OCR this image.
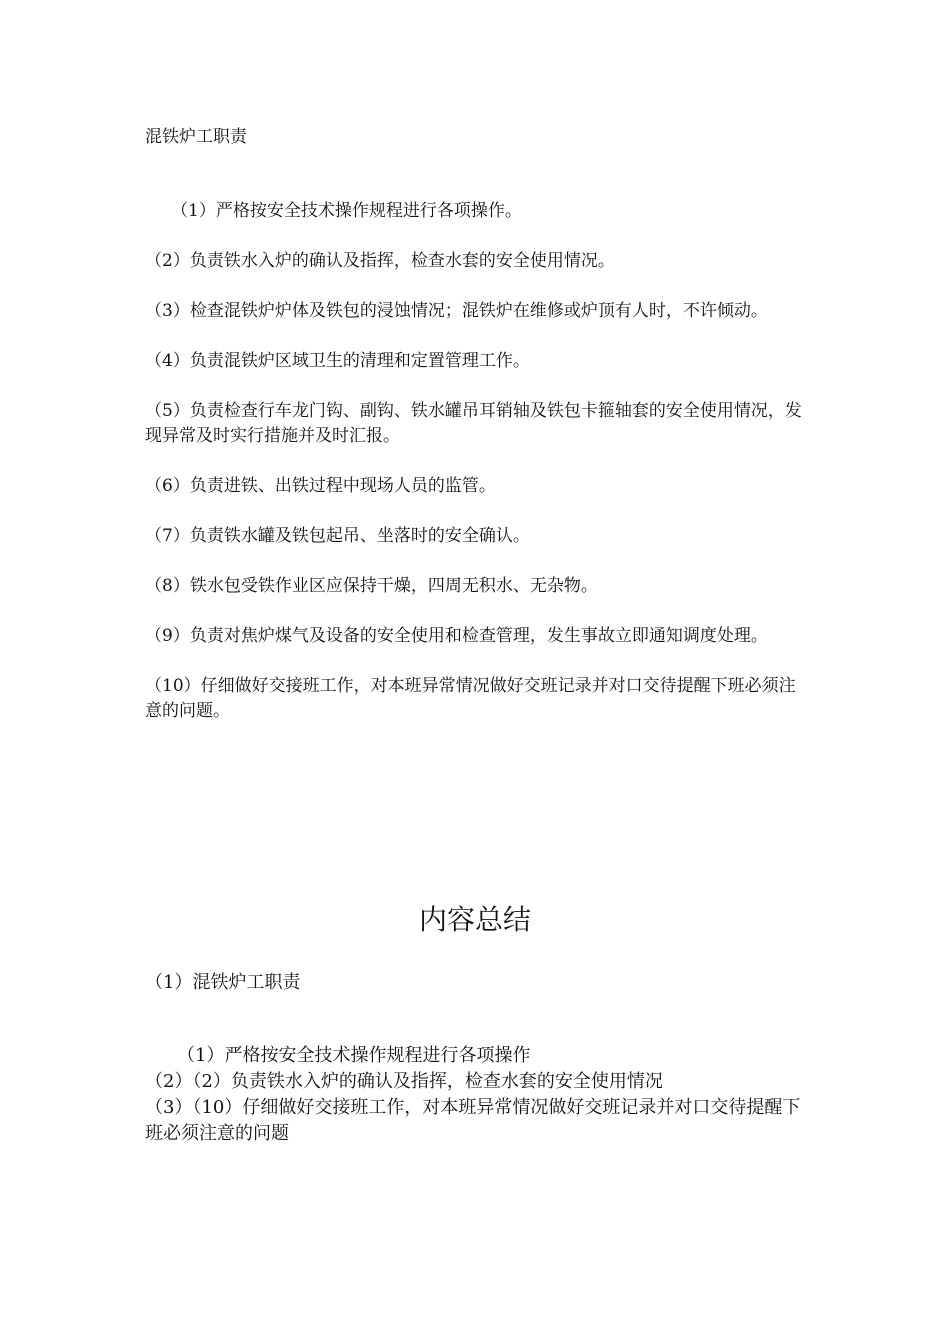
混铁炉工职责
（1）严格按安全技术操作规程进行各项操作。
（2）负责铁水入炉的确认及指挥，检查水套的安全使用情况。
（3）检查混铁炉炉体及铁包的浸蚀情况；混铁炉在维修或炉顶有人时，不许倾动。
（4）负责混铁炉区域卫生的清理和定置管理工作。
（5）负责检查行车龙门钩、副钩、铁水罐吊耳销轴及铁包卡箍轴套的安全使用情况，发现异常及时实行措施并及时汇报。
（6）负责进铁、出铁过程中现场人员的监管。
（7）负责铁水罐及铁包起吊、坐落时的安全确认。
（8）铁水包受铁作业区应保持干燥，四周无积水、无杂物。
（9）负责对焦炉煤气及设备的安全使用和检查管理，发生事故立即通知调度处理。
（10）仔细做好交接班工作，对本班异常情况做好交班记录并对口交待提醒下班必须注意的问题。
内容总结

（1）混铁炉工职责

（1）严格按安全技术操作规程进行各项操作
（2）（2）负责铁水入炉的确认及指挥，检查水套的安全使用情况
（3）（10）仔细做好交接班工作，对本班异常情况做好交班记录并对口交待提醒下班必须注意的问题
